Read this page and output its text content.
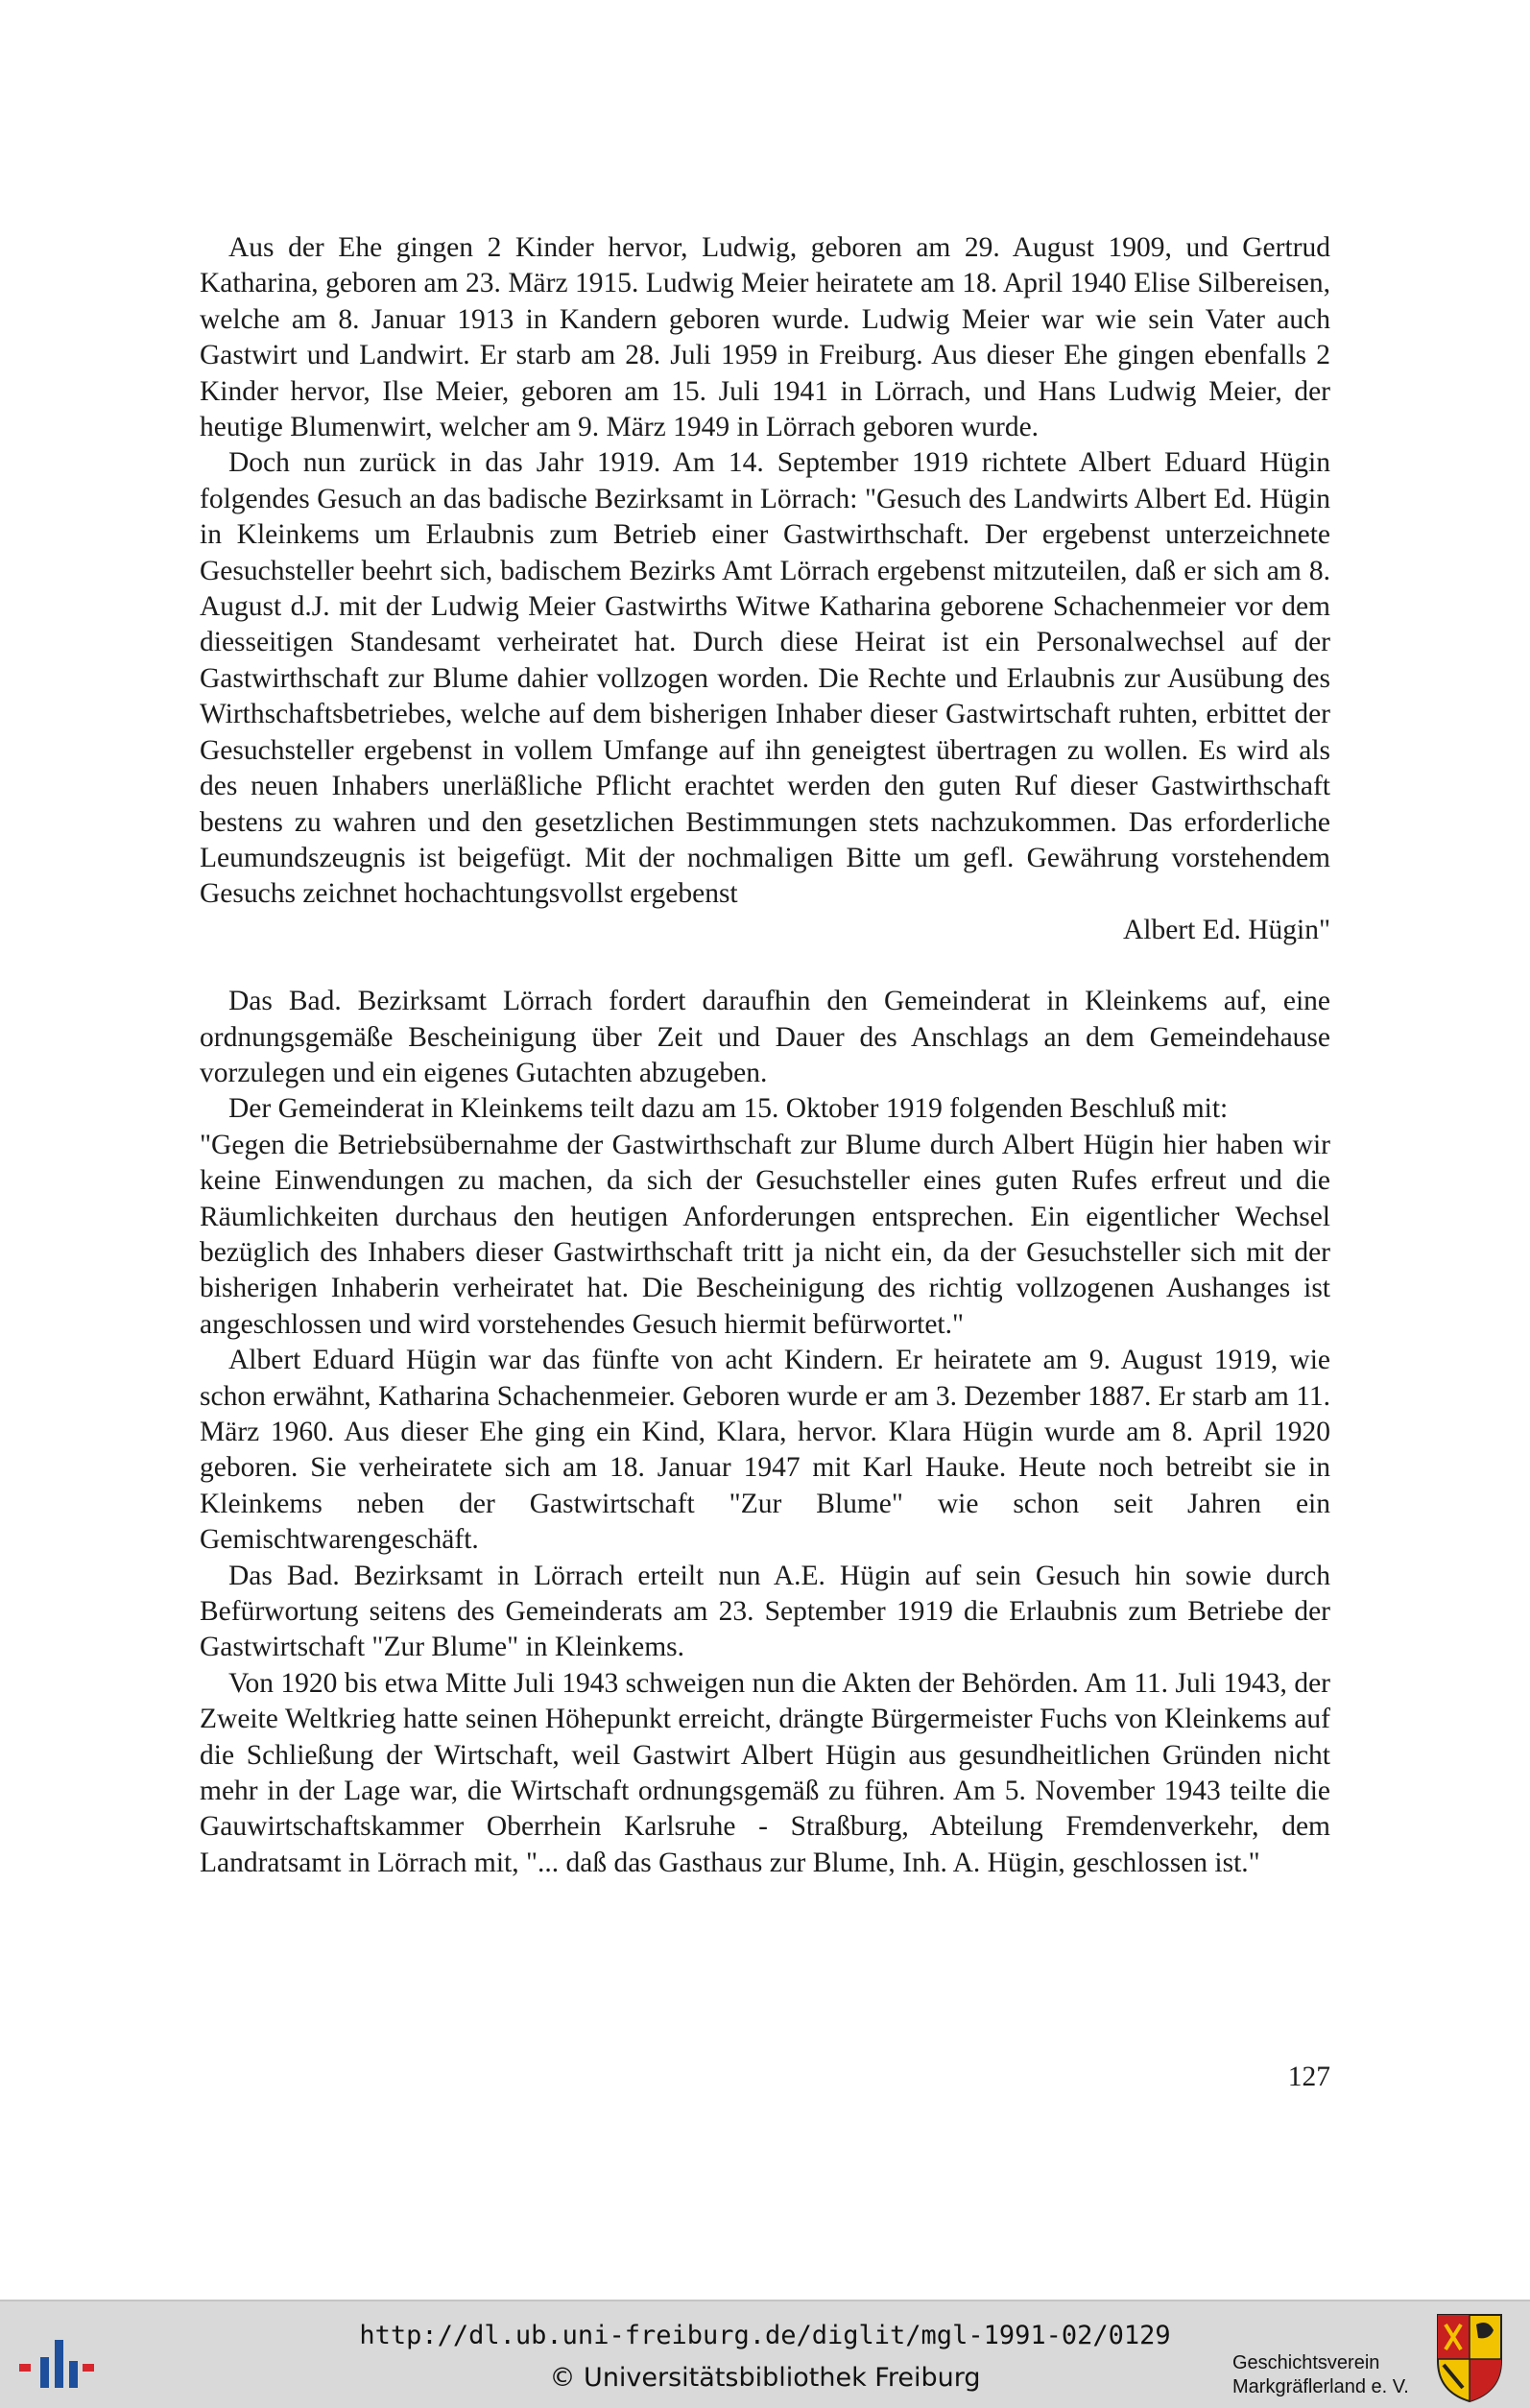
Aus der Ehe gingen 2 Kinder hervor, Ludwig, geboren am 29. August 1909, und Gertrud Katharina, geboren am 23. März 1915. Ludwig Meier heiratete am 18. April 1940 Elise Silbereisen, welche am 8. Januar 1913 in Kandern geboren wurde. Ludwig Meier war wie sein Vater auch Gastwirt und Landwirt. Er starb am 28. Juli 1959 in Freiburg. Aus dieser Ehe gingen ebenfalls 2 Kinder hervor, Ilse Meier, geboren am 15. Juli 1941 in Lörrach, und Hans Ludwig Meier, der heutige Blumenwirt, welcher am 9. März 1949 in Lörrach geboren wurde.

Doch nun zurück in das Jahr 1919. Am 14. September 1919 richtete Albert Eduard Hügin folgendes Gesuch an das badische Bezirksamt in Lörrach: "Gesuch des Landwirts Albert Ed. Hügin in Kleinkems um Erlaubnis zum Betrieb einer Gastwirthschaft. Der ergebenst unterzeichnete Gesuchsteller beehrt sich, badischem Bezirks Amt Lörrach ergebenst mitzuteilen, daß er sich am 8. August d.J. mit der Ludwig Meier Gastwirths Witwe Katharina geborene Schachenmeier vor dem diesseitigen Standesamt verheiratet hat. Durch diese Heirat ist ein Personalwechsel auf der Gastwirthschaft zur Blume dahier vollzogen worden. Die Rechte und Erlaubnis zur Ausübung des Wirthschaftsbetriebes, welche auf dem bisherigen Inhaber dieser Gastwirtschaft ruhten, erbittet der Gesuchsteller ergebenst in vollem Umfange auf ihn geneigtest übertragen zu wollen. Es wird als des neuen Inhabers unerläßliche Pflicht erachtet werden den guten Ruf dieser Gastwirthschaft bestens zu wahren und den gesetzlichen Bestimmungen stets nachzukommen. Das erforderliche Leumundszeugnis ist beigefügt. Mit der nochmaligen Bitte um gefl. Gewährung vorstehendem Gesuchs zeichnet hochachtungsvollst ergebenst

Albert Ed. Hügin"

Das Bad. Bezirksamt Lörrach fordert daraufhin den Gemeinderat in Kleinkems auf, eine ordnungsgemäße Bescheinigung über Zeit und Dauer des Anschlags an dem Gemeindehause vorzulegen und ein eigenes Gutachten abzugeben.

Der Gemeinderat in Kleinkems teilt dazu am 15. Oktober 1919 folgenden Beschluß mit:

"Gegen die Betriebsübernahme der Gastwirthschaft zur Blume durch Albert Hügin hier haben wir keine Einwendungen zu machen, da sich der Gesuchsteller eines guten Rufes erfreut und die Räumlichkeiten durchaus den heutigen Anforderungen entsprechen. Ein eigentlicher Wechsel bezüglich des Inhabers dieser Gastwirthschaft tritt ja nicht ein, da der Gesuchsteller sich mit der bisherigen Inhaberin verheiratet hat. Die Bescheinigung des richtig vollzogenen Aushanges ist angeschlossen und wird vorstehendes Gesuch hiermit befürwortet."

Albert Eduard Hügin war das fünfte von acht Kindern. Er heiratete am 9. August 1919, wie schon erwähnt, Katharina Schachenmeier. Geboren wurde er am 3. Dezember 1887. Er starb am 11. März 1960. Aus dieser Ehe ging ein Kind, Klara, hervor. Klara Hügin wurde am 8. April 1920 geboren. Sie verheiratete sich am 18. Januar 1947 mit Karl Hauke. Heute noch betreibt sie in Kleinkems neben der Gastwirtschaft "Zur Blume" wie schon seit Jahren ein Gemischtwarengeschäft.

Das Bad. Bezirksamt in Lörrach erteilt nun A.E. Hügin auf sein Gesuch hin sowie durch Befürwortung seitens des Gemeinderats am 23. September 1919 die Erlaubnis zum Betriebe der Gastwirtschaft "Zur Blume" in Kleinkems.

Von 1920 bis etwa Mitte Juli 1943 schweigen nun die Akten der Behörden. Am 11. Juli 1943, der Zweite Weltkrieg hatte seinen Höhepunkt erreicht, drängte Bürgermeister Fuchs von Kleinkems auf die Schließung der Wirtschaft, weil Gastwirt Albert Hügin aus gesundheitlichen Gründen nicht mehr in der Lage war, die Wirtschaft ordnungsgemäß zu führen. Am 5. November 1943 teilte die Gauwirtschaftskammer Oberrhein Karlsruhe - Straßburg, Abteilung Fremdenverkehr, dem Landratsamt in Lörrach mit, "... daß das Gasthaus zur Blume, Inh. A. Hügin, geschlossen ist."

127
http://dl.ub.uni-freiburg.de/diglit/mgl-1991-02/0129
© Universitätsbibliothek Freiburg	Geschichtsverein
Markgräflerland e. V.
